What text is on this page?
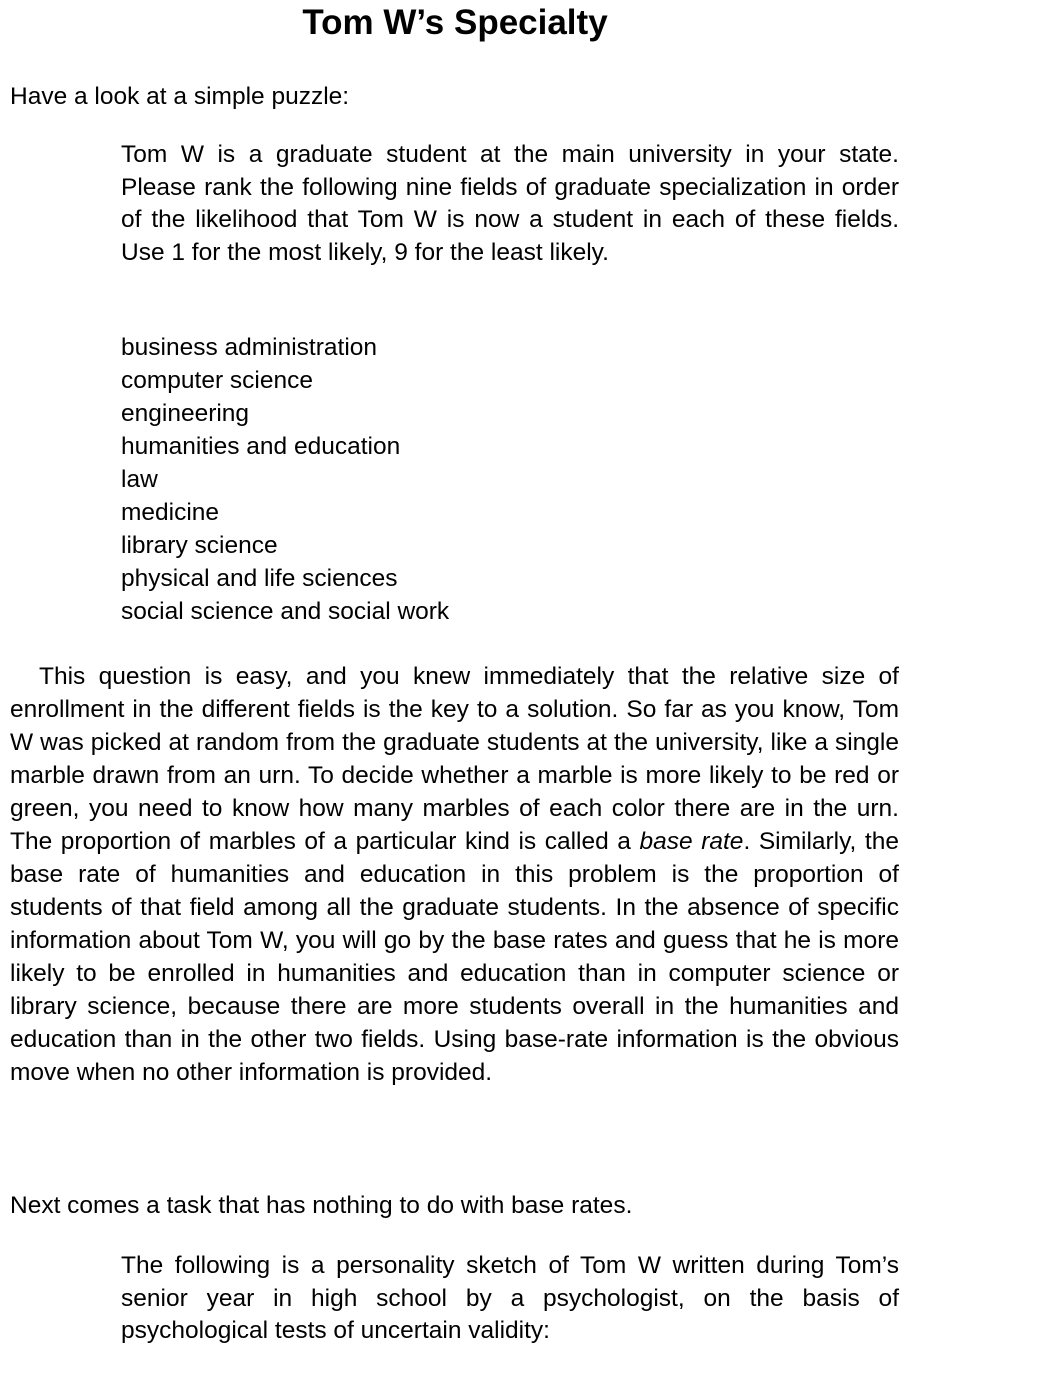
Tom W’s Specialty

Have a look at a simple puzzle:

Tom W is a graduate student at the main university in your state. Please rank the following nine fields of graduate specialization in order of the likelihood that Tom W is now a student in each of these fields. Use 1 for the most likely, 9 for the least likely.

business administration
computer science
engineering
humanities and education
law
medicine
library science
physical and life sciences
social science and social work

This question is easy, and you knew immediately that the relative size of enrollment in the different fields is the key to a solution. So far as you know, Tom W was picked at random from the graduate students at the university, like a single marble drawn from an urn. To decide whether a marble is more likely to be red or green, you need to know how many marbles of each color there are in the urn. The proportion of marbles of a particular kind is called a base rate. Similarly, the base rate of humanities and education in this problem is the proportion of students of that field among all the graduate students. In the absence of specific information about Tom W, you will go by the base rates and guess that he is more likely to be enrolled in humanities and education than in computer science or library science, because there are more students overall in the humanities and education than in the other two fields. Using base-rate information is the obvious move when no other information is provided.

Next comes a task that has nothing to do with base rates.

The following is a personality sketch of Tom W written during Tom’s senior year in high school by a psychologist, on the basis of psychological tests of uncertain validity:
